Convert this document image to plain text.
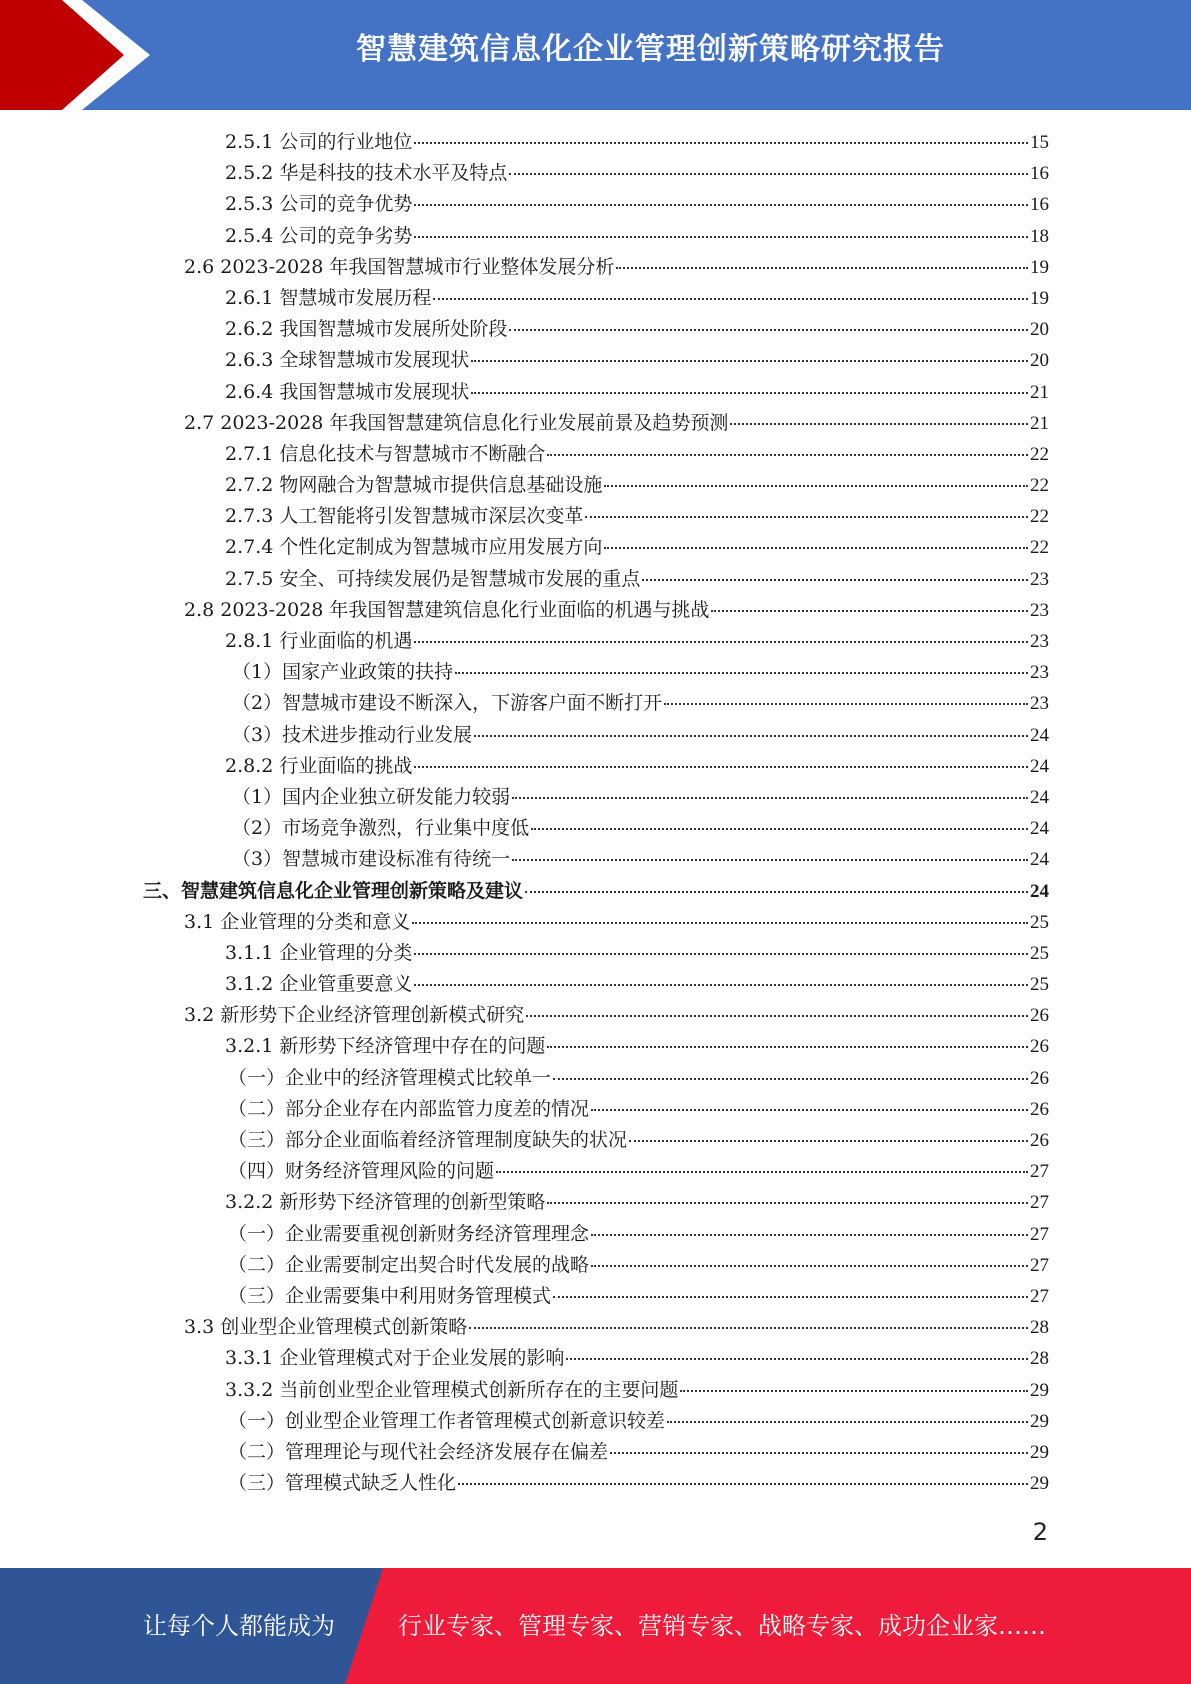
智慧建筑信息化企业管理创新策略研究报告
2.5.1 公司的行业地位	15
2.5.2 华是科技的技术水平及特点	16
2.5.3 公司的竞争优势	16
2.5.4 公司的竞争劣势	18
2.6 2023-2028 年我国智慧城市行业整体发展分析	19
2.6.1 智慧城市发展历程	19
2.6.2 我国智慧城市发展所处阶段	20
2.6.3 全球智慧城市发展现状	20
2.6.4 我国智慧城市发展现状	21
2.7 2023-2028 年我国智慧建筑信息化行业发展前景及趋势预测	21
2.7.1 信息化技术与智慧城市不断融合	22
2.7.2 物网融合为智慧城市提供信息基础设施	22
2.7.3 人工智能将引发智慧城市深层次变革	22
2.7.4 个性化定制成为智慧城市应用发展方向	22
2.7.5 安全、可持续发展仍是智慧城市发展的重点	23
2.8 2023-2028 年我国智慧建筑信息化行业面临的机遇与挑战	23
2.8.1 行业面临的机遇	23
（1）国家产业政策的扶持	23
（2）智慧城市建设不断深入，下游客户面不断打开	23
（3）技术进步推动行业发展	24
2.8.2 行业面临的挑战	24
（1）国内企业独立研发能力较弱	24
（2）市场竞争激烈，行业集中度低	24
（3）智慧城市建设标准有待统一	24
三、智慧建筑信息化企业管理创新策略及建议	24
3.1 企业管理的分类和意义	25
3.1.1 企业管理的分类	25
3.1.2 企业管重要意义	25
3.2 新形势下企业经济管理创新模式研究	26
3.2.1 新形势下经济管理中存在的问题	26
（一）企业中的经济管理模式比较单一	26
（二）部分企业存在内部监管力度差的情况	26
（三）部分企业面临着经济管理制度缺失的状况	26
（四）财务经济管理风险的问题	27
3.2.2 新形势下经济管理的创新型策略	27
（一）企业需要重视创新财务经济管理理念	27
（二）企业需要制定出契合时代发展的战略	27
（三）企业需要集中利用财务管理模式	27
3.3 创业型企业管理模式创新策略	28
3.3.1 企业管理模式对于企业发展的影响	28
3.3.2 当前创业型企业管理模式创新所存在的主要问题	29
（一）创业型企业管理工作者管理模式创新意识较差	29
（二）管理理论与现代社会经济发展存在偏差	29
（三）管理模式缺乏人性化	29
2
让每个人都能成为	行业专家、管理专家、营销专家、战略专家、成功企业家……
